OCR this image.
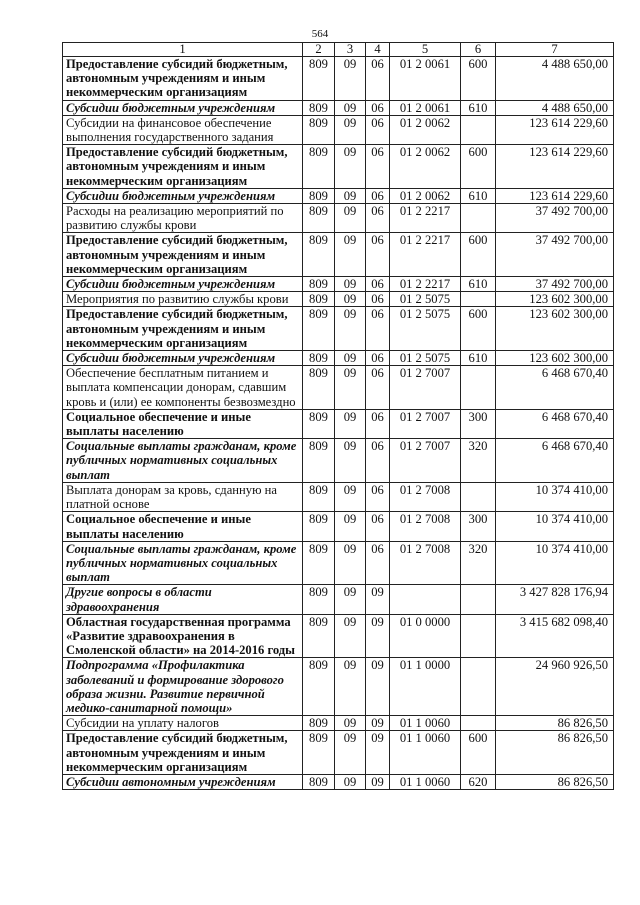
564
1	2	3	4	5	6	7
Предоставление субсидий бюджетным, автономным учреждениям и иным некоммерческим организациям	809	09	06	01 2 0061	600	4 488 650,00
Субсидии бюджетным учреждениям	809	09	06	01 2 0061	610	4 488 650,00
Субсидии на финансовое обеспечение выполнения государственного задания	809	09	06	01 2 0062		123 614 229,60
Предоставление субсидий бюджетным, автономным учреждениям и иным некоммерческим организациям	809	09	06	01 2 0062	600	123 614 229,60
Субсидии бюджетным учреждениям	809	09	06	01 2 0062	610	123 614 229,60
Расходы на реализацию мероприятий по развитию службы крови	809	09	06	01 2 2217		37 492 700,00
Предоставление субсидий бюджетным, автономным учреждениям и иным некоммерческим организациям	809	09	06	01 2 2217	600	37 492 700,00
Субсидии бюджетным учреждениям	809	09	06	01 2 2217	610	37 492 700,00
Мероприятия по развитию службы крови	809	09	06	01 2 5075		123 602 300,00
Предоставление субсидий бюджетным, автономным учреждениям и иным некоммерческим организациям	809	09	06	01 2 5075	600	123 602 300,00
Субсидии бюджетным учреждениям	809	09	06	01 2 5075	610	123 602 300,00
Обеспечение бесплатным питанием и выплата компенсации донорам, сдавшим кровь и (или) ее компоненты безвозмездно	809	09	06	01 2 7007		6 468 670,40
Социальное обеспечение и иные выплаты населению	809	09	06	01 2 7007	300	6 468 670,40
Социальные выплаты гражданам, кроме публичных нормативных социальных выплат	809	09	06	01 2 7007	320	6 468 670,40
Выплата донорам за кровь, сданную на платной основе	809	09	06	01 2 7008		10 374 410,00
Социальное обеспечение и иные выплаты населению	809	09	06	01 2 7008	300	10 374 410,00
Социальные выплаты гражданам, кроме публичных нормативных социальных выплат	809	09	06	01 2 7008	320	10 374 410,00
Другие вопросы в области здравоохранения	809	09	09			3 427 828 176,94
Областная государственная программа «Развитие здравоохранения в Смоленской области» на 2014-2016 годы	809	09	09	01 0 0000		3 415 682 098,40
Подпрограмма «Профилактика заболеваний и формирование здорового образа жизни. Развитие первичной медико-санитарной помощи»	809	09	09	01 1 0000		24 960 926,50
Субсидии на уплату налогов	809	09	09	01 1 0060		86 826,50
Предоставление субсидий бюджетным, автономным учреждениям и иным некоммерческим организациям	809	09	09	01 1 0060	600	86 826,50
Субсидии автономным учреждениям	809	09	09	01 1 0060	620	86 826,50
